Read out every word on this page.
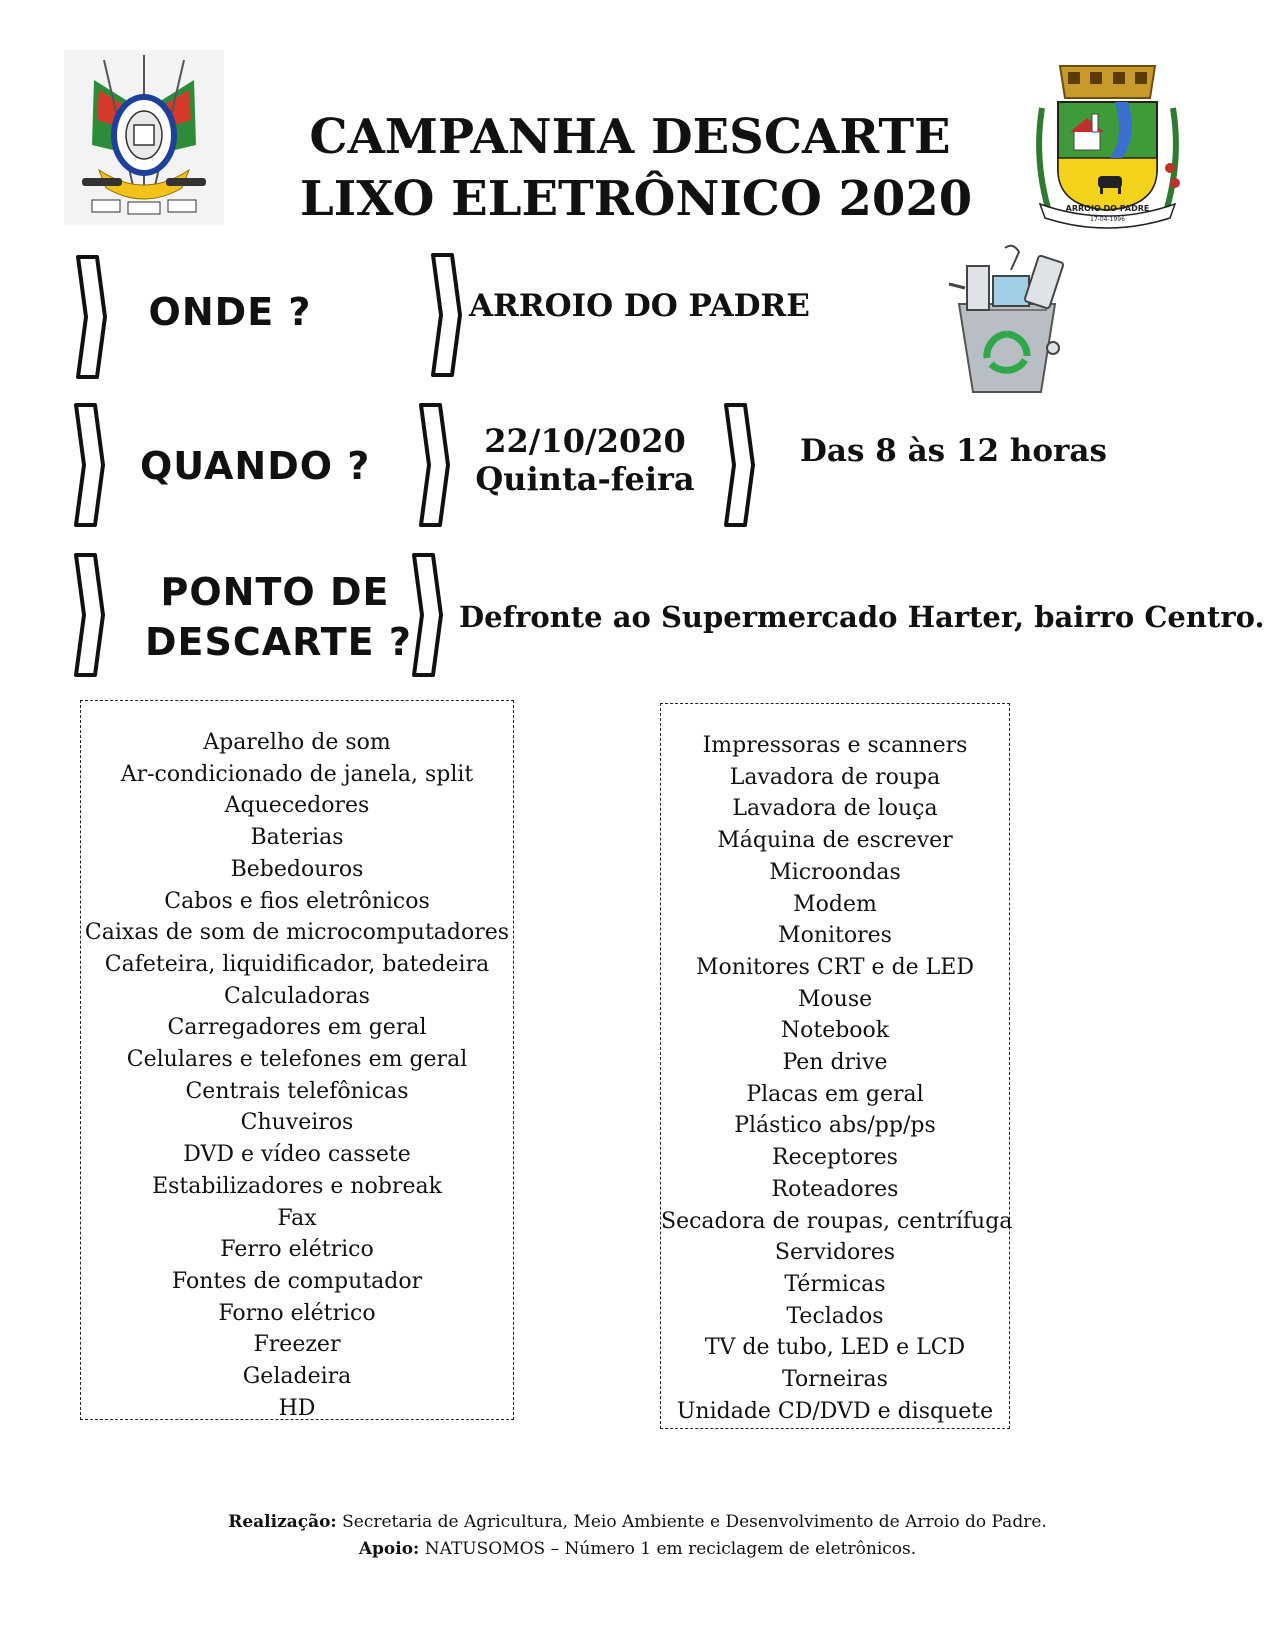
CAMPANHA DESCARTE
LIXO ELETRÔNICO 2020	ARROIO DO PADRE
17-04-1996
ONDE ?	ARROIO DO PADRE
QUANDO ?
22/10/2020
Quinta-feira
Das 8 às 12 horas
PONTO DE
DESCARTE ?
Defronte ao Supermercado Harter, bairro Centro.
Aparelho de som
Ar-condicionado de janela, split
Aquecedores
Baterias
Bebedouros
Cabos e fios eletrônicos
Caixas de som de microcomputadores
Cafeteira, liquidificador, batedeira
Calculadoras
Carregadores em geral
Celulares e telefones em geral
Centrais telefônicas
Chuveiros
DVD e vídeo cassete
Estabilizadores e nobreak
Fax
Ferro elétrico
Fontes de computador
Forno elétrico
Freezer
Geladeira
HD
Impressoras e scanners
Lavadora de roupa
Lavadora de louça
Máquina de escrever
Microondas
Modem
Monitores
Monitores CRT e de LED
Mouse
Notebook
Pen drive
Placas em geral
Plástico abs/pp/ps
Receptores
Roteadores
Secadora de roupas, centrífuga
Servidores
Térmicas
Teclados
TV de tubo, LED e LCD
Torneiras
Unidade CD/DVD e disquete
Realização: Secretaria de Agricultura, Meio Ambiente e Desenvolvimento de Arroio do Padre.
Apoio: NATUSOMOS – Número 1 em reciclagem de eletrônicos.
